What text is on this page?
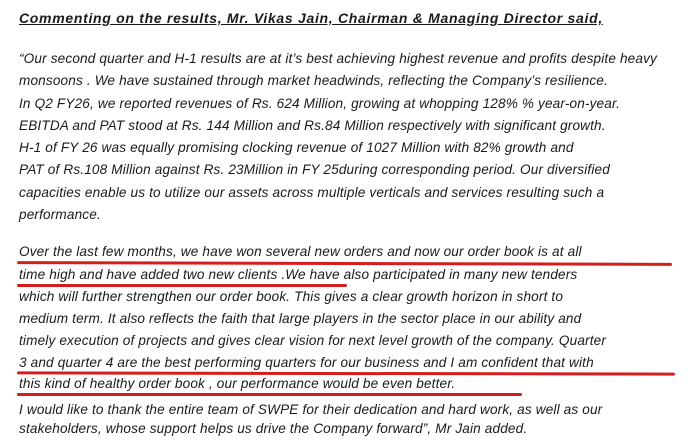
Commenting on the results, Mr. Vikas Jain, Chairman & Managing Director said,
“Our second quarter and H-1 results are at it’s best achieving highest revenue and profits despite heavy
monsoons . We have sustained through market headwinds, reflecting the Company’s resilience.
In Q2 FY26, we reported revenues of Rs. 624 Million, growing at whopping 128% % year-on-year.
EBITDA and PAT stood at Rs. 144 Million and Rs.84 Million respectively with significant growth.
H-1 of FY 26 was equally promising clocking revenue of 1027 Million with 82% growth and
PAT of Rs.108 Million against Rs. 23Million in FY 25during corresponding period. Our diversified
capacities enable us to utilize our assets across multiple verticals and services resulting such a
performance.
Over the last few months, we have won several new orders and now our order book is at all
time high and have added two new clients .We have also participated in many new tenders
which will further strengthen our order book. This gives a clear growth horizon in short to
medium term. It also reflects the faith that large players in the sector place in our ability and
timely execution of projects and gives clear vision for next level growth of the company. Quarter
3 and quarter 4 are the best performing quarters for our business and I am confident that with
this kind of healthy order book , our performance would be even better.
I would like to thank the entire team of SWPE for their dedication and hard work, as well as our
stakeholders, whose support helps us drive the Company forward”, Mr Jain added.
